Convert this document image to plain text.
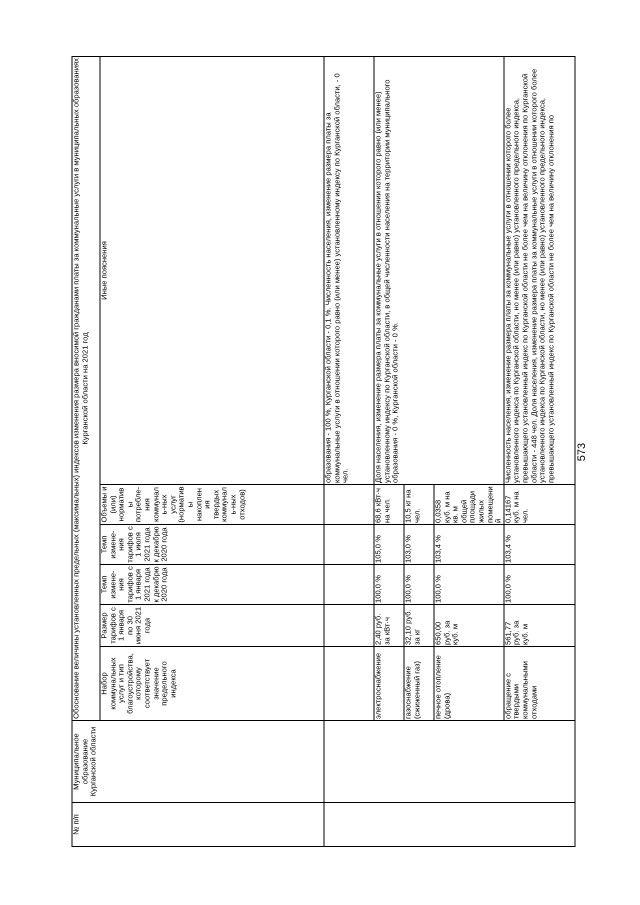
573
№ п/п	Муниципальное образование Курганской области	Обоснование величины установленных предельных (максимальных) индексов изменения размера вносимой гражданами платы за коммунальные услуги в муниципальных образованиях Курганской области на 2021 год					
		Набор коммунальных услуг и тип благоустройства, которому соответствует значение предельного индекса	Размер тарифов с 1 января по 30 июня 2021 года	Темп измене-ния тарифов с 1 января 2021 года к декабрю 2020 года	Темп измене-ния тарифов с 1 июля 2021 года к декабрю 2020 года	Объемы и (или) нормативы потребле-ния коммуналь-ных услуг (нормативы накопления твердых коммуналь-ных отходов)	Иные пояснения
							образования - 100 %, Курганской области - 0,1 %. Численность населения, изменение размера платы за коммунальные услуги в отношении которого равно (или менее) установленному индексу по Курганской области, - 0 чел.
		электроснабжение	2,40 руб. за кВт·ч	100,0 %	105,0 %	68,6 кВт·ч на чел.	Доля населения, изменение размера платы за коммунальные услуги в отношении которого равно (или менее) установленному индексу по Курганской области, в общей численности населения на территории муниципального образования - 0 %, Курганской области - 0 %.
		газоснабжение (сжиженный газ)	32,10 руб. за кг	100,0 %	103,0 %	10,5 кг на чел.	
		печное отопление (дрова)	650,00 руб. за куб. м	100,0 %	103,4 %	0,0358 куб. м на кв. м общей площади жилых помещений	
		обращение с твердыми коммунальными отходами	561,77 руб. за куб. м	100,0 %	103,4 %	0,14167 куб. м на чел.	Численность населения, изменение размера платы за коммунальные услуги в отношении которого более установленного индекса по Курганской области, но менее (или равно) установленного предельного индекса, превышающего установленный индекс по Курганской области не более чем на величину отклонения по Курганской области - 448 чел. Доля населения, изменение размера платы за коммунальные услуги в отношении которого более установленного индекса по Курганской области, но менее (или равно) установленного предельного индекса, превышающего установленный индекс по Курганской области не более чем на величину отклонения по
